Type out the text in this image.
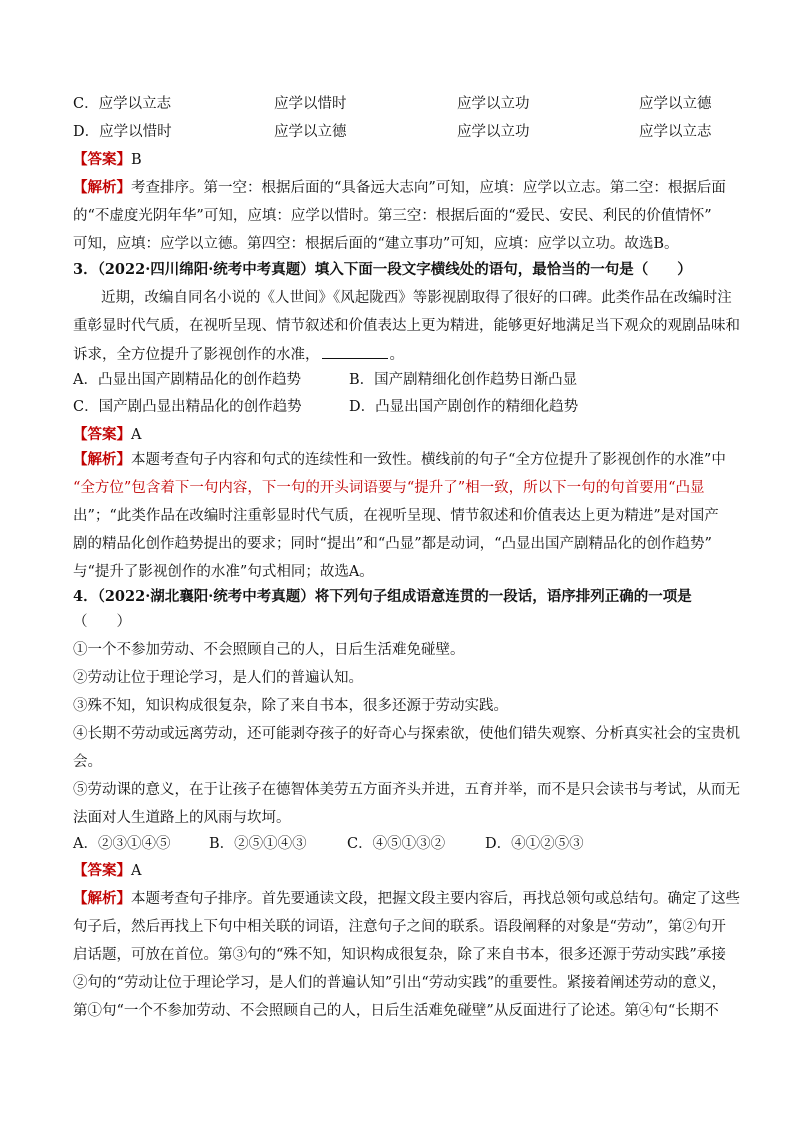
C．应学以立志	应学以惜时	应学以立功	应学以立德
D．应学以惜时	应学以立德	应学以立功	应学以立志
【答案】B
【解析】考查排序。第一空：根据后面的“具备远大志向”可知，应填：应学以立志。第二空：根据后面
的“不虚度光阴年华”可知，应填：应学以惜时。第三空：根据后面的“爱民、安民、利民的价值情怀”
可知，应填：应学以立德。第四空：根据后面的“建立事功”可知，应填：应学以立功。故选B。
3．（2022·四川绵阳·统考中考真题）填入下面一段文字横线处的语句，最恰当的一句是（　　）
近期，改编自同名小说的《人世间》《风起陇西》等影视剧取得了很好的口碑。此类作品在改编时注
重彰显时代气质，在视听呈现、情节叙述和价值表达上更为精进，能够更好地满足当下观众的观剧品味和
诉求，全方位提升了影视创作的水准，	。
A．凸显出国产剧精品化的创作趋势	B．国产剧精细化创作趋势日渐凸显
C．国产剧凸显出精品化的创作趋势	D．凸显出国产剧创作的精细化趋势
【答案】A
【解析】本题考查句子内容和句式的连续性和一致性。横线前的句子“全方位提升了影视创作的水准”中
“全方位”包含着下一句内容，下一句的开头词语要与“提升了”相一致，所以下一句的句首要用“凸显
出”；“此类作品在改编时注重彰显时代气质，在视听呈现、情节叙述和价值表达上更为精进”是对国产
剧的精品化创作趋势提出的要求；同时“提出”和“凸显”都是动词，“凸显出国产剧精品化的创作趋势”
与“提升了影视创作的水准”句式相同；故选A。
4．（2022·湖北襄阳·统考中考真题）将下列句子组成语意连贯的一段话，语序排列正确的一项是
（　　）
①一个不参加劳动、不会照顾自己的人，日后生活难免碰壁。
②劳动让位于理论学习，是人们的普遍认知。
③殊不知，知识构成很复杂，除了来自书本，很多还源于劳动实践。
④长期不劳动或远离劳动，还可能剥夺孩子的好奇心与探索欲，使他们错失观察、分析真实社会的宝贵机
会。
⑤劳动课的意义，在于让孩子在德智体美劳五方面齐头并进，五育并举，而不是只会读书与考试，从而无
法面对人生道路上的风雨与坎坷。
A．②③①④⑤	B．②⑤①④③	C．④⑤①③②	D．④①②⑤③
【答案】A
【解析】本题考查句子排序。首先要通读文段，把握文段主要内容后，再找总领句或总结句。确定了这些
句子后，然后再找上下句中相关联的词语，注意句子之间的联系。语段阐释的对象是“劳动”，第②句开
启话题，可放在首位。第③句的“殊不知，知识构成很复杂，除了来自书本，很多还源于劳动实践”承接
②句的“劳动让位于理论学习，是人们的普遍认知”引出“劳动实践”的重要性。紧接着阐述劳动的意义，
第①句“一个不参加劳动、不会照顾自己的人，日后生活难免碰壁”从反面进行了论述。第④句“长期不
